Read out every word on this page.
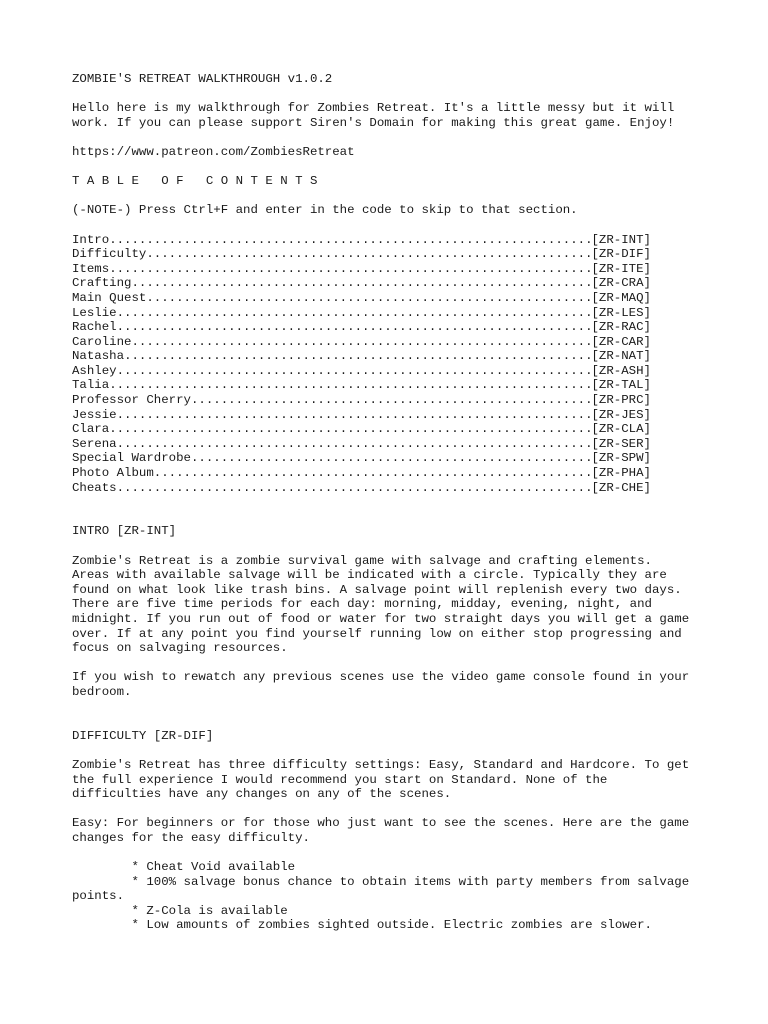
ZOMBIE'S RETREAT WALKTHROUGH v1.0.2
Hello here is my walkthrough for Zombies Retreat. It's a little messy but it will
work. If you can please support Siren's Domain for making this great game. Enjoy!
https://www.patreon.com/ZombiesRetreat
T A B L E   O F   C O N T E N T S
(-NOTE-) Press Ctrl+F and enter in the code to skip to that section.
Intro .....	[ZR-INT]
Difficulty .....	[ZR-DIF]
Items .....	[ZR-ITE]
Crafting .....	[ZR-CRA]
Main Quest .....	[ZR-MAQ]
Leslie .....	[ZR-LES]
Rachel .....	[ZR-RAC]
Caroline .....	[ZR-CAR]
Natasha .....	[ZR-NAT]
Ashley .....	[ZR-ASH]
Talia .....	[ZR-TAL]
Professor Cherry .....	[ZR-PRC]
Jessie .....	[ZR-JES]
Clara .....	[ZR-CLA]
Serena .....	[ZR-SER]
Special Wardrobe .....	[ZR-SPW]
Photo Album .....	[ZR-PHA]
Cheats .....	[ZR-CHE]
INTRO [ZR-INT]
Zombie's Retreat is a zombie survival game with salvage and crafting elements.
Areas with available salvage will be indicated with a circle. Typically they are
found on what look like trash bins. A salvage point will replenish every two days.
There are five time periods for each day: morning, midday, evening, night, and
midnight. If you run out of food or water for two straight days you will get a game
over. If at any point you find yourself running low on either stop progressing and
focus on salvaging resources.
If you wish to rewatch any previous scenes use the video game console found in your
bedroom.
DIFFICULTY [ZR-DIF]
Zombie's Retreat has three difficulty settings: Easy, Standard and Hardcore. To get
the full experience I would recommend you start on Standard. None of the
difficulties have any changes on any of the scenes.
Easy: For beginners or for those who just want to see the scenes. Here are the game
changes for the easy difficulty.
* Cheat Void available
* 100% salvage bonus chance to obtain items with party members from salvage
points.
* Z-Cola is available
* Low amounts of zombies sighted outside. Electric zombies are slower.
